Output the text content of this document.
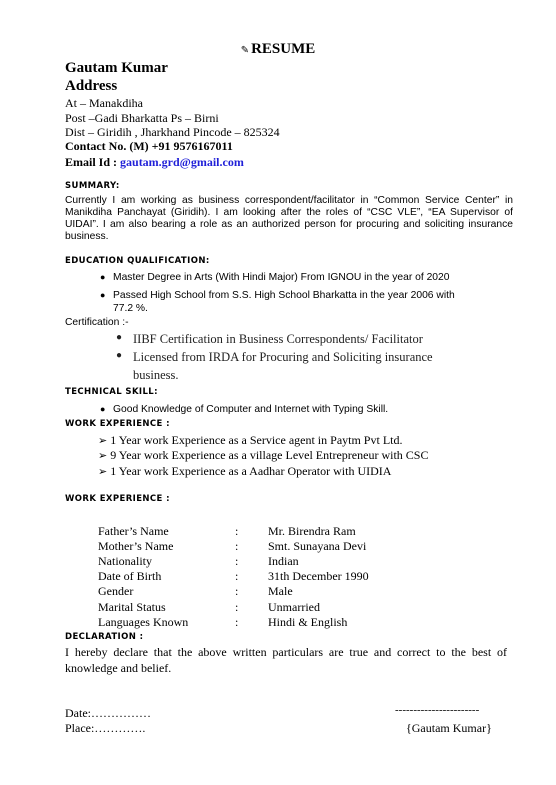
✎ RESUME
Gautam Kumar
Address
At – Manakdiha
Post –Gadi Bharkatta Ps – Birni
Dist – Giridih , Jharkhand Pincode – 825324
Contact No. (M) +91 9576167011
Email Id : gautam.grd@gmail.com
SUMMARY:
Currently I am working as business correspondent/facilitator in “Common Service Center” in Manikdiha Panchayat (Giridih). I am looking after the roles of “CSC VLE”, “EA Supervisor of UIDAI”. I am also bearing a role as an authorized person for procuring and soliciting insurance business.
EDUCATION QUALIFICATION:
● Master Degree in Arts (With Hindi Major) From IGNOU in the year of 2020
● Passed High School from S.S. High School Bharkatta in the year 2006 with
77.2 %.
Certification :-
● IIBF Certification in Business Correspondents/ Facilitator
● Licensed from IRDA for Procuring and Soliciting insurance
business.
TECHNICAL SKILL:
● Good Knowledge of Computer and Internet with Typing Skill.
WORK EXPERIENCE :
➢ 1 Year work Experience as a Service agent in Paytm Pvt Ltd.
➢ 9 Year work Experience as a village Level Entrepreneur with CSC
➢ 1 Year work Experience as a Aadhar Operator with UIDIA
WORK EXPERIENCE :
Father’s Name	: Mr. Birendra Ram
Mother’s Name	: Smt. Sunayana Devi
Nationality	: Indian
Date of Birth	: 31th December 1990
Gender	: Male
Marital Status	: Unmarried
Languages Known	: Hindi & English
DECLARATION :
I hereby declare that the above written particulars are true and correct to the best of knowledge and belief.
Date:……………
Place:………….
-----------------------
{Gautam Kumar}
